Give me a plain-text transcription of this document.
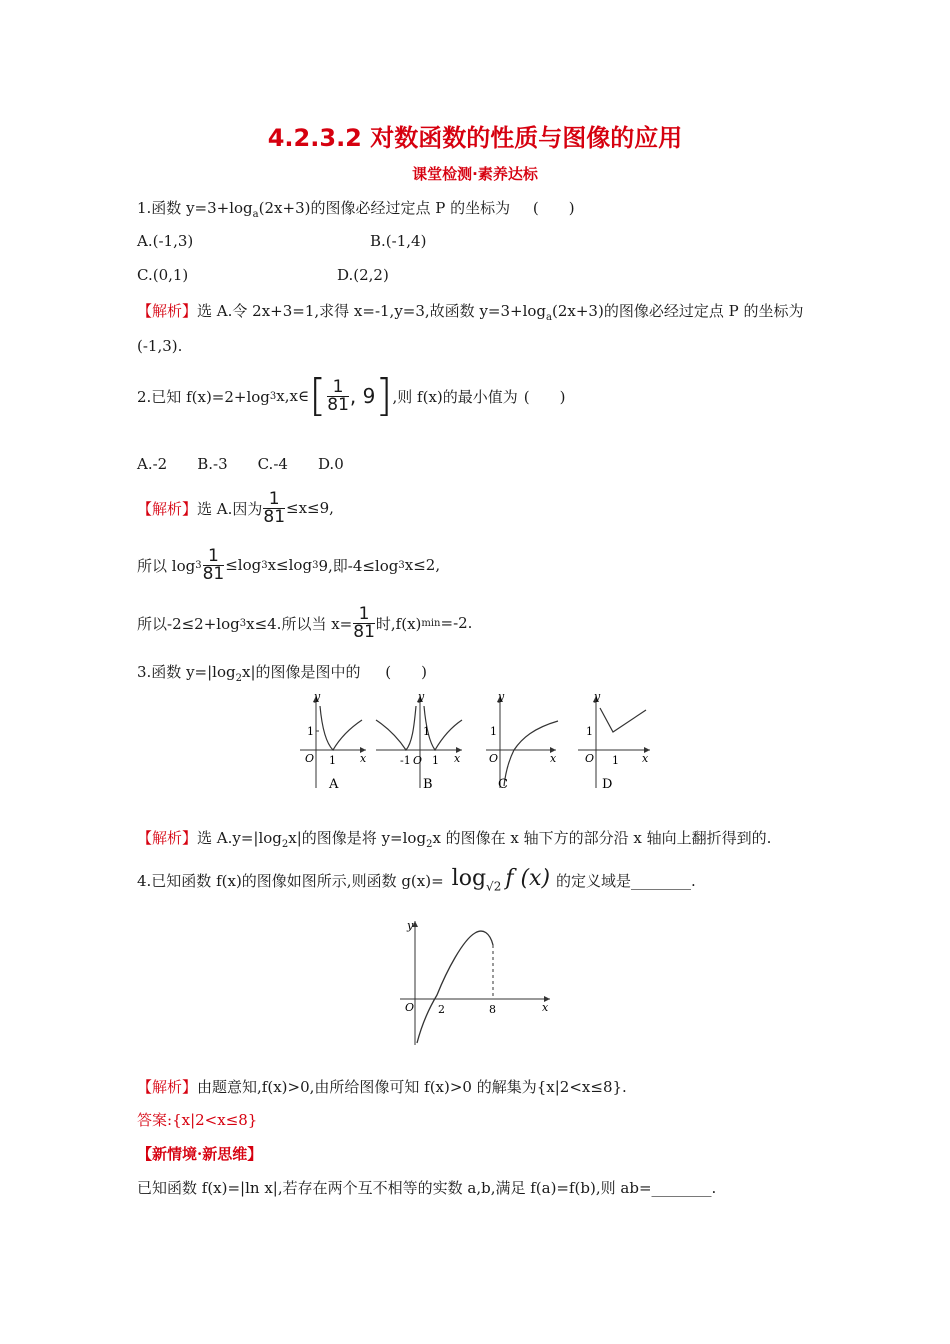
4.2.3.2 对数函数的性质与图像的应用
课堂检测·素养达标
1.函数 $y=3+\log_a(2x+3)$的图像必经过定点 P 的坐标为 (　　)
A.(-1,3)	B.(-1,4)
C.(0,1)	D.(2,2)
【解析】选 A.令 2x+3=1,求得 x=-1,y=3,故函数 $y=3+\log_a(2x+3)$的图像必经过定点 P 的坐标为
(-1,3).
2.已知 f(x)=2+log 3 x,x∈ [ $\frac{1}{81}$ , 9 ] ,则 f(x)的最小值为 (　　)
A.-2　　B.-3　　C.-4　　D.0
【解析】 选 A.因为 $\frac{1}{81} \le x\le 9$,
所以 $\log 3 \frac{1}{81} \le\log$ 3 x≤log 3 9,即-4≤log 3 x≤2,
所以-2≤2+log 3 x≤4.所以当 $x= \frac{1}{81}$ 时,f(x) min =-2.
3.函数 $y=|\log_2x|$的图像是图中的 (　　)
y
x
O 1
1
A
y
x
-1 O 1
1
B
y
x
O
1
C
y
x
O 1
1
D
【解析】选 $A.y=|\log_2x|$的图像是将 $y=\log_2x$ 的图像在 x 轴下方的部分沿 x 轴向上翻折得到的.
4.已知函数 f(x)的图像如图所示,则函数 $g(x)= \log_{√2} f$ (x) 的定义域是________.
y
x
O 2	8
【解析】由题意知,f(x)>0,由所给图像可知 f(x)>0 的解集为{x|2<x≤8}.
答案:{x|2<x≤8}
【新情境·新思维】
已知函数 f(x)=|ln x|,若存在两个互不相等的实数 a,b,满足 f(a)=f(b),则 ab=________.
